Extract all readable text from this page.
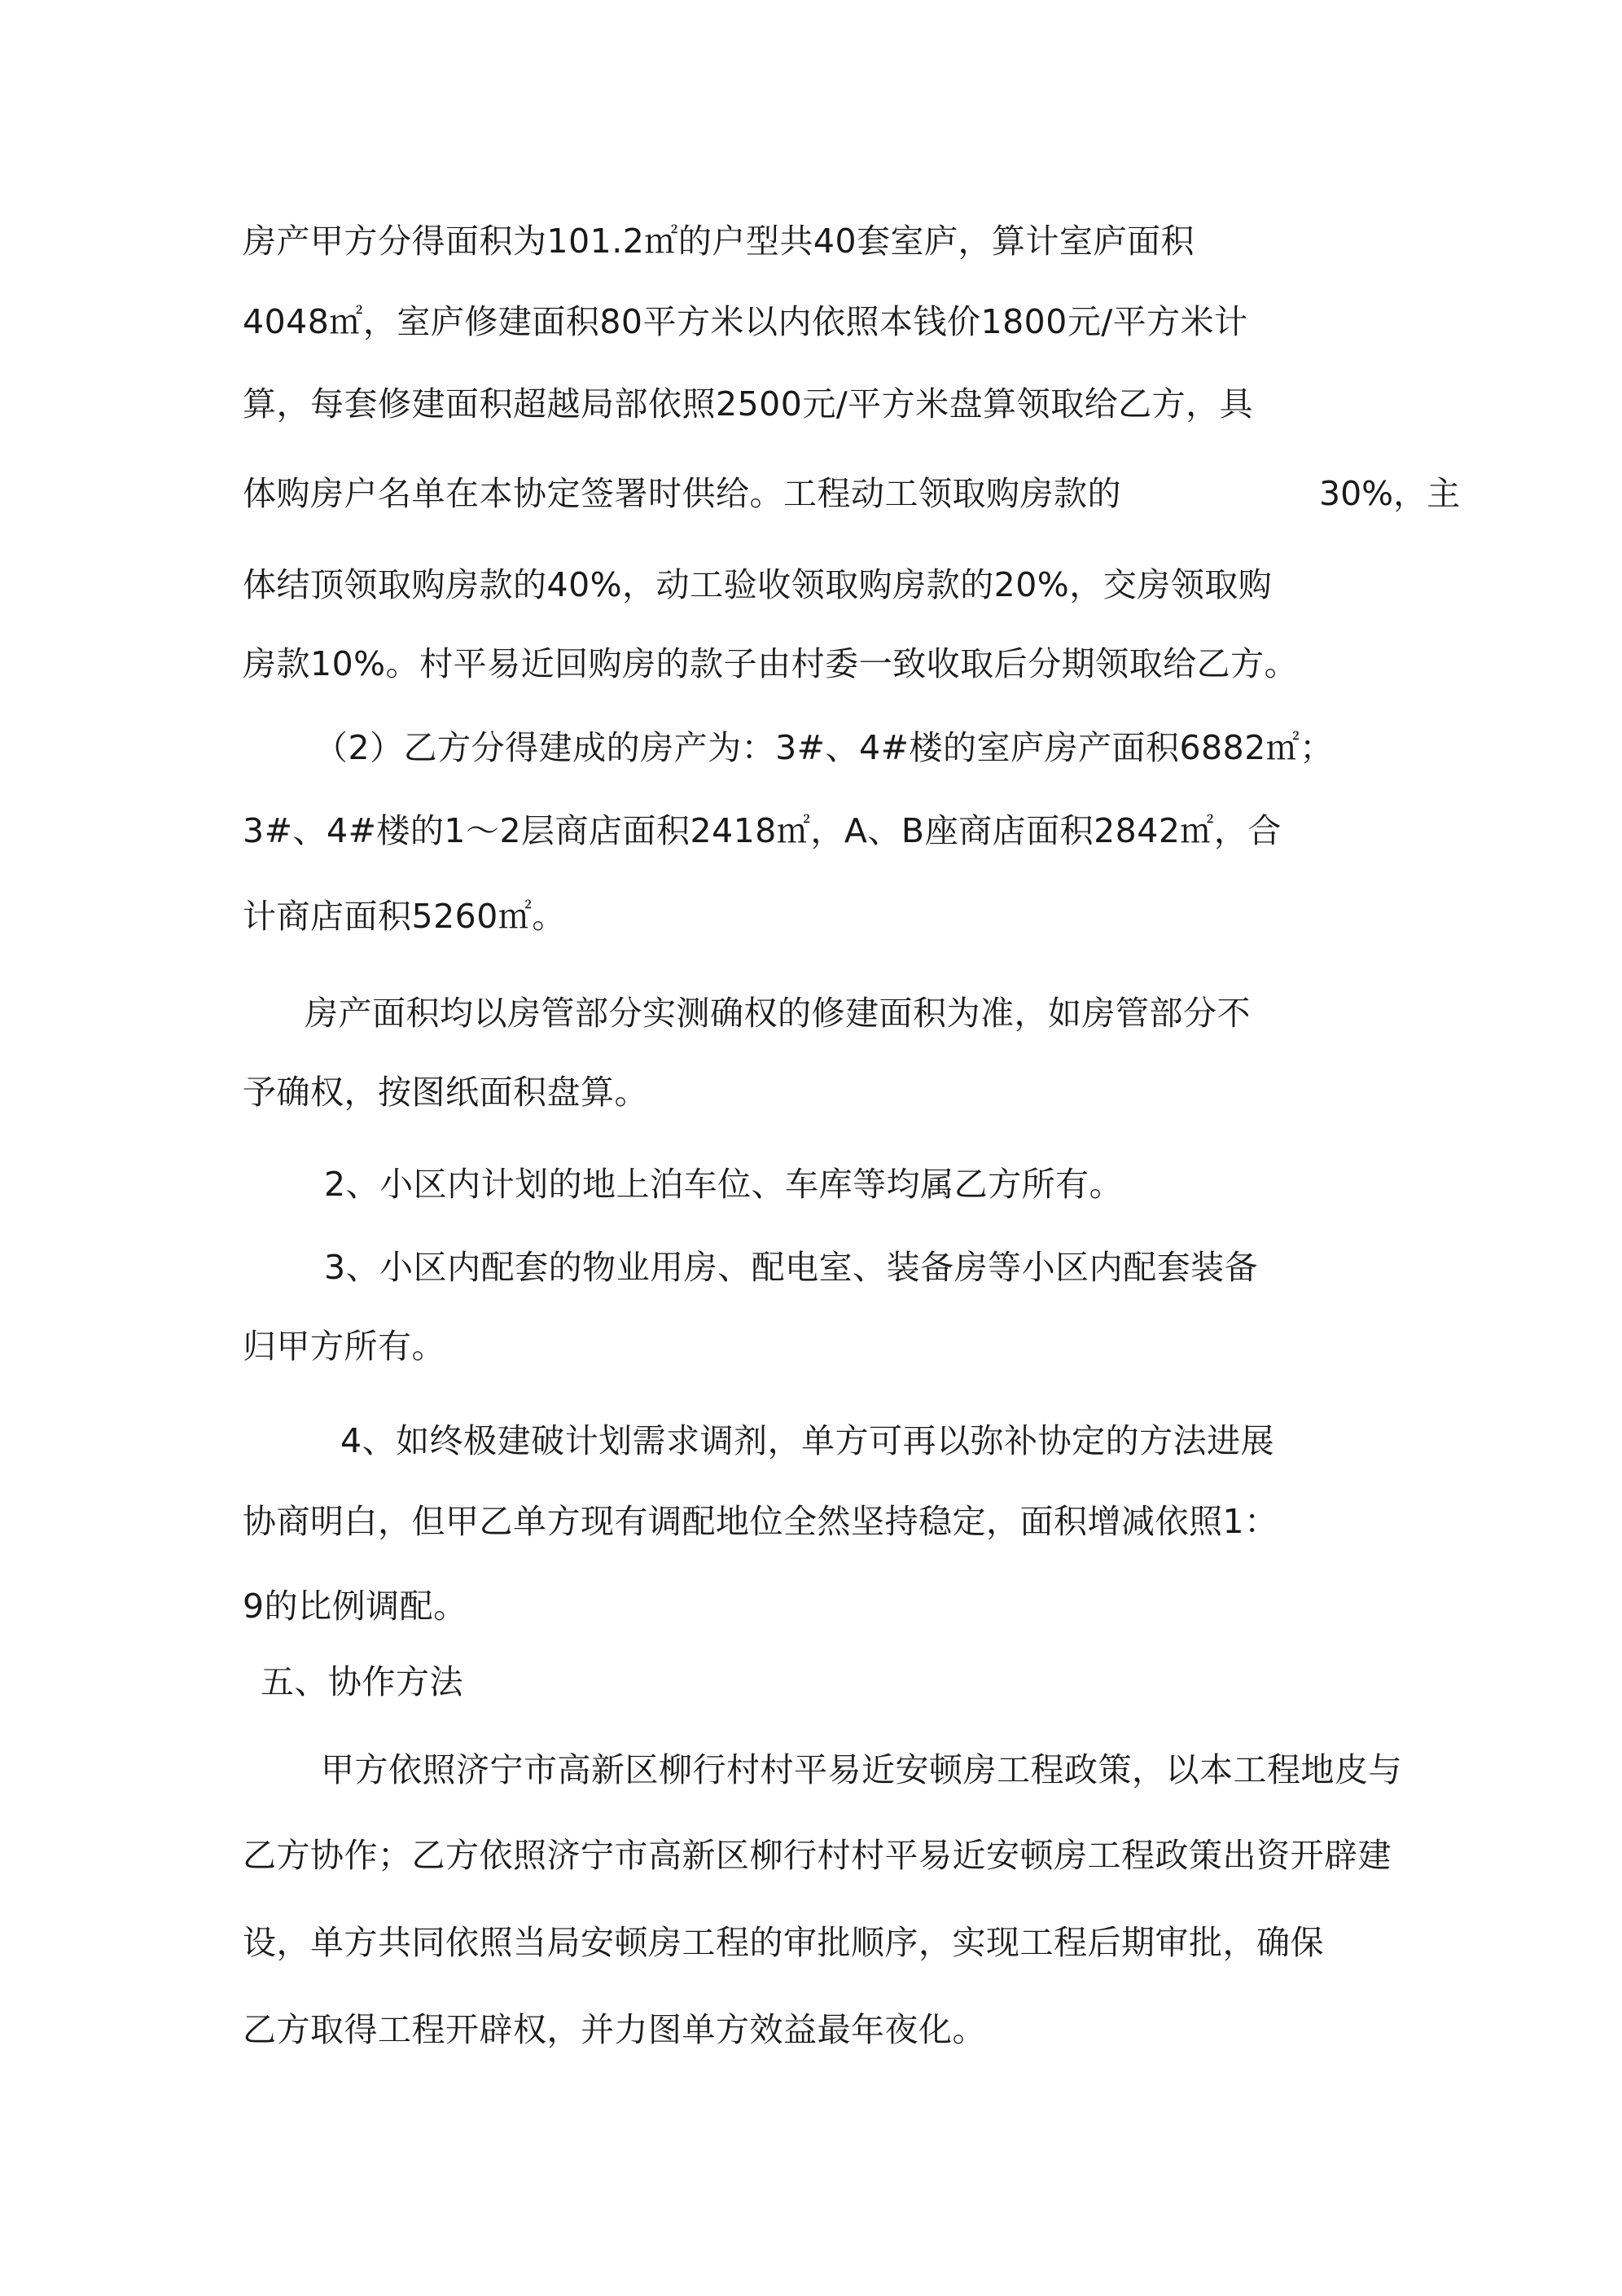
房产甲方分得面积为101.2㎡的户型共40套室庐，算计室庐面积
4048㎡，室庐修建面积80平方米以内依照本钱价1800元/平方米计
算，每套修建面积超越局部依照2500元/平方米盘算领取给乙方，具
体购房户名单在本协定签署时供给。工程动工领取购房款的	30%，主
体结顶领取购房款的40%，动工验收领取购房款的20%，交房领取购
房款10%。村平易近回购房的款子由村委一致收取后分期领取给乙方。
（2）乙方分得建成的房产为：3#、4#楼的室庐房产面积6882㎡；
3#、4#楼的1～2层商店面积2418㎡，A、B座商店面积2842㎡，合
计商店面积5260㎡。
房产面积均以房管部分实测确权的修建面积为准，如房管部分不
予确权，按图纸面积盘算。
2、小区内计划的地上泊车位、车库等均属乙方所有。
3、小区内配套的物业用房、配电室、装备房等小区内配套装备
归甲方所有。
4、如终极建破计划需求调剂，单方可再以弥补协定的方法进展
协商明白，但甲乙单方现有调配地位全然坚持稳定，面积增减依照1：
9的比例调配。
五、协作方法
甲方依照济宁市高新区柳行村村平易近安顿房工程政策，以本工程地皮与
乙方协作；乙方依照济宁市高新区柳行村村平易近安顿房工程政策出资开辟建
设，单方共同依照当局安顿房工程的审批顺序，实现工程后期审批，确保
乙方取得工程开辟权，并力图单方效益最年夜化。
